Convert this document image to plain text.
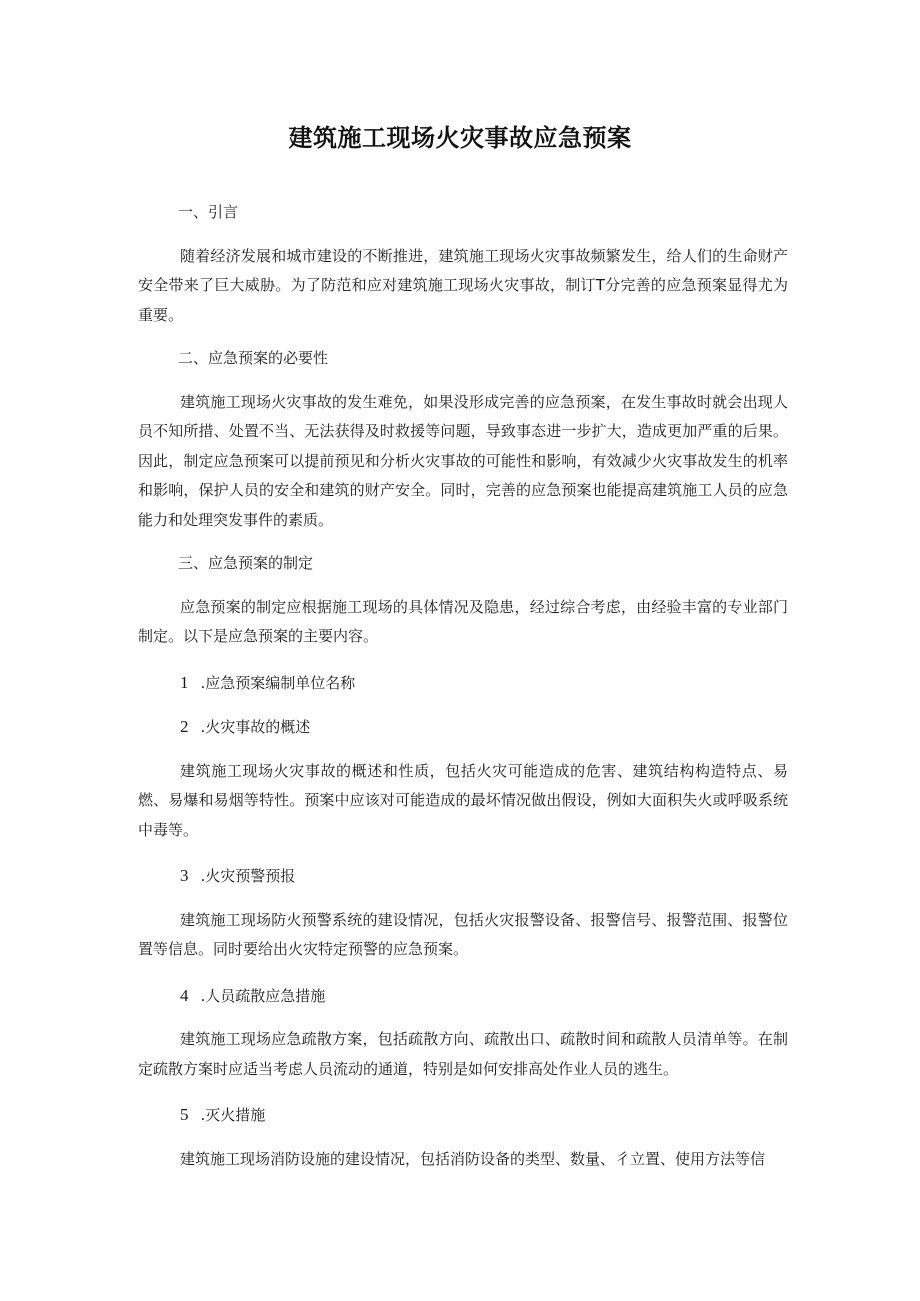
建筑施工现场火灾事故应急预案

一、引言

随着经济发展和城市建设的不断推进，建筑施工现场火灾事故频繁发生，给人们的生命财产安全带来了巨大威胁。为了防范和应对建筑施工现场火灾事故，制订T分完善的应急预案显得尤为重要。

二、应急预案的必要性

建筑施工现场火灾事故的发生难免，如果没形成完善的应急预案，在发生事故时就会出现人员不知所措、处置不当、无法获得及时救援等问题，导致事态进一步扩大，造成更加严重的后果。因此，制定应急预案可以提前预见和分析火灾事故的可能性和影响，有效减少火灾事故发生的机率和影响，保护人员的安全和建筑的财产安全。同时，完善的应急预案也能提高建筑施工人员的应急能力和处理突发事件的素质。

三、应急预案的制定

应急预案的制定应根据施工现场的具体情况及隐患，经过综合考虑，由经验丰富的专业部门制定。以下是应急预案的主要内容。

1 .应急预案编制单位名称

2 .火灾事故的概述

建筑施工现场火灾事故的概述和性质，包括火灾可能造成的危害、建筑结构构造特点、易燃、易爆和易烟等特性。预案中应该对可能造成的最坏情况做出假设，例如大面积失火或呼吸系统中毒等。

3 .火灾预警预报

建筑施工现场防火预警系统的建设情况，包括火灾报警设备、报警信号、报警范围、报警位置等信息。同时要给出火灾特定预警的应急预案。

4 .人员疏散应急措施

建筑施工现场应急疏散方案，包括疏散方向、疏散出口、疏散时间和疏散人员清单等。在制定疏散方案时应适当考虑人员流动的通道，特别是如何安排高处作业人员的逃生。

5 .灭火措施

建筑施工现场消防设施的建设情况，包括消防设备的类型、数量、彳立置、使用方法等信
